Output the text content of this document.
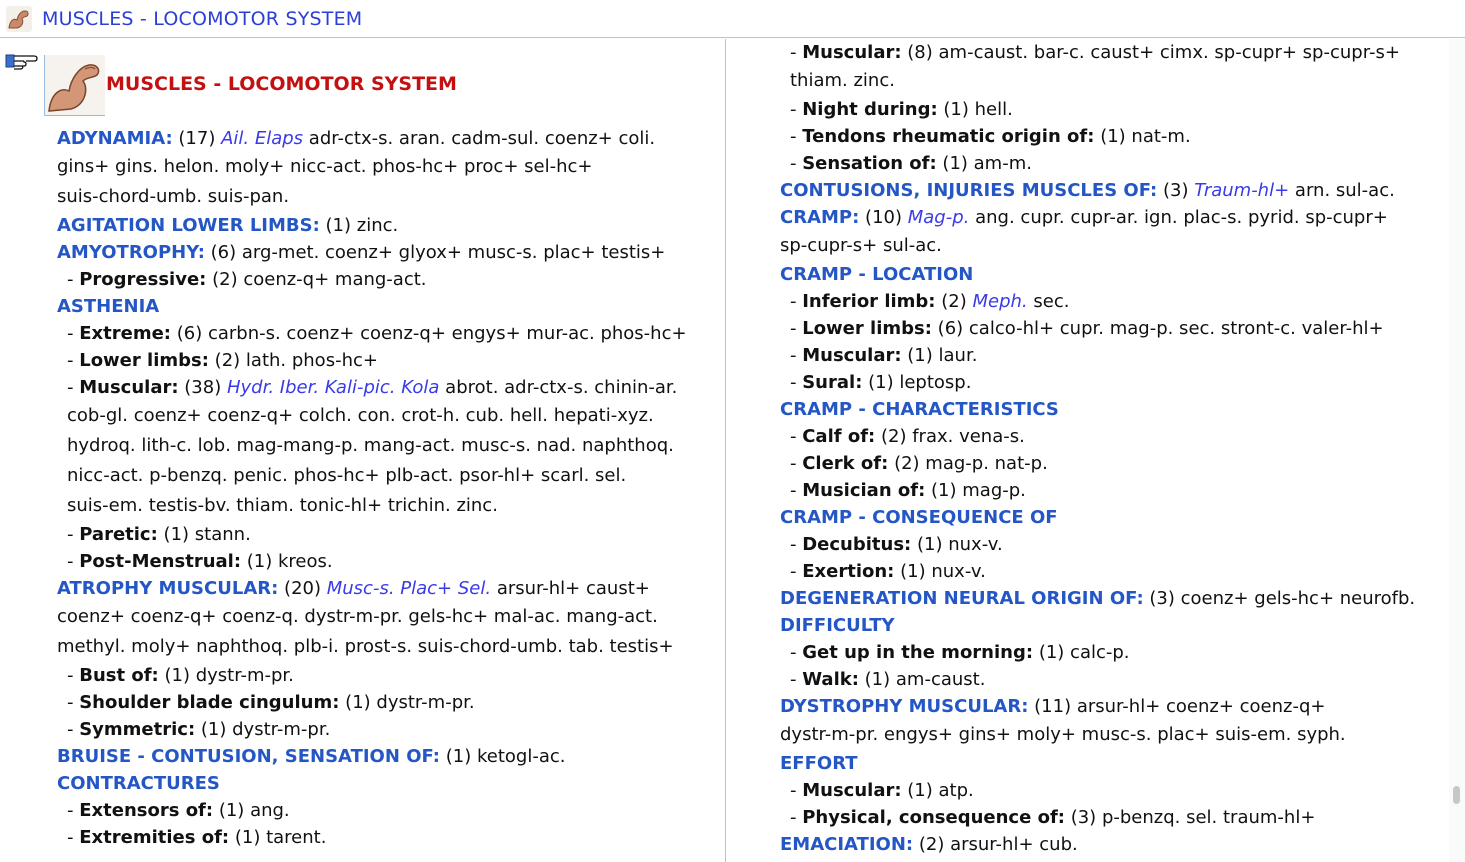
MUSCLES - LOCOMOTOR SYSTEM
MUSCLES - LOCOMOTOR SYSTEM
ADYNAMIA: (17) Ail. Elaps adr-ctx-s. aran. cadm-sul. coenz+ coli.
gins+ gins. helon. moly+ nicc-act. phos-hc+ proc+ sel-hc+
suis-chord-umb. suis-pan.
AGITATION LOWER LIMBS: (1) zinc.
AMYOTROPHY: (6) arg-met. coenz+ glyox+ musc-s. plac+ testis+
- Progressive: (2) coenz-q+ mang-act.
ASTHENIA
- Extreme: (6) carbn-s. coenz+ coenz-q+ engys+ mur-ac. phos-hc+
- Lower limbs: (2) lath. phos-hc+
- Muscular: (38) Hydr. Iber. Kali-pic. Kola abrot. adr-ctx-s. chinin-ar.
cob-gl. coenz+ coenz-q+ colch. con. crot-h. cub. hell. hepati-xyz.
hydroq. lith-c. lob. mag-mang-p. mang-act. musc-s. nad. naphthoq.
nicc-act. p-benzq. penic. phos-hc+ plb-act. psor-hl+ scarl. sel.
suis-em. testis-bv. thiam. tonic-hl+ trichin. zinc.
- Paretic: (1) stann.
- Post-Menstrual: (1) kreos.
ATROPHY MUSCULAR: (20) Musc-s. Plac+ Sel. arsur-hl+ caust+
coenz+ coenz-q+ coenz-q. dystr-m-pr. gels-hc+ mal-ac. mang-act.
methyl. moly+ naphthoq. plb-i. prost-s. suis-chord-umb. tab. testis+
- Bust of: (1) dystr-m-pr.
- Shoulder blade cingulum: (1) dystr-m-pr.
- Symmetric: (1) dystr-m-pr.
BRUISE - CONTUSION, SENSATION OF: (1) ketogl-ac.
CONTRACTURES
- Extensors of: (1) ang.
- Extremities of: (1) tarent.
- Muscular: (8) am-caust. bar-c. caust+ cimx. sp-cupr+ sp-cupr-s+
thiam. zinc.
- Night during: (1) hell.
- Tendons rheumatic origin of: (1) nat-m.
- Sensation of: (1) am-m.
CONTUSIONS, INJURIES MUSCLES OF: (3) Traum-hl+ arn. sul-ac.
CRAMP: (10) Mag-p. ang. cupr. cupr-ar. ign. plac-s. pyrid. sp-cupr+
sp-cupr-s+ sul-ac.
CRAMP - LOCATION
- Inferior limb: (2) Meph. sec.
- Lower limbs: (6) calco-hl+ cupr. mag-p. sec. stront-c. valer-hl+
- Muscular: (1) laur.
- Sural: (1) leptosp.
CRAMP - CHARACTERISTICS
- Calf of: (2) frax. vena-s.
- Clerk of: (2) mag-p. nat-p.
- Musician of: (1) mag-p.
CRAMP - CONSEQUENCE OF
- Decubitus: (1) nux-v.
- Exertion: (1) nux-v.
DEGENERATION NEURAL ORIGIN OF: (3) coenz+ gels-hc+ neurofb.
DIFFICULTY
- Get up in the morning: (1) calc-p.
- Walk: (1) am-caust.
DYSTROPHY MUSCULAR: (11) arsur-hl+ coenz+ coenz-q+
dystr-m-pr. engys+ gins+ moly+ musc-s. plac+ suis-em. syph.
EFFORT
- Muscular: (1) atp.
- Physical, consequence of: (3) p-benzq. sel. traum-hl+
EMACIATION: (2) arsur-hl+ cub.
